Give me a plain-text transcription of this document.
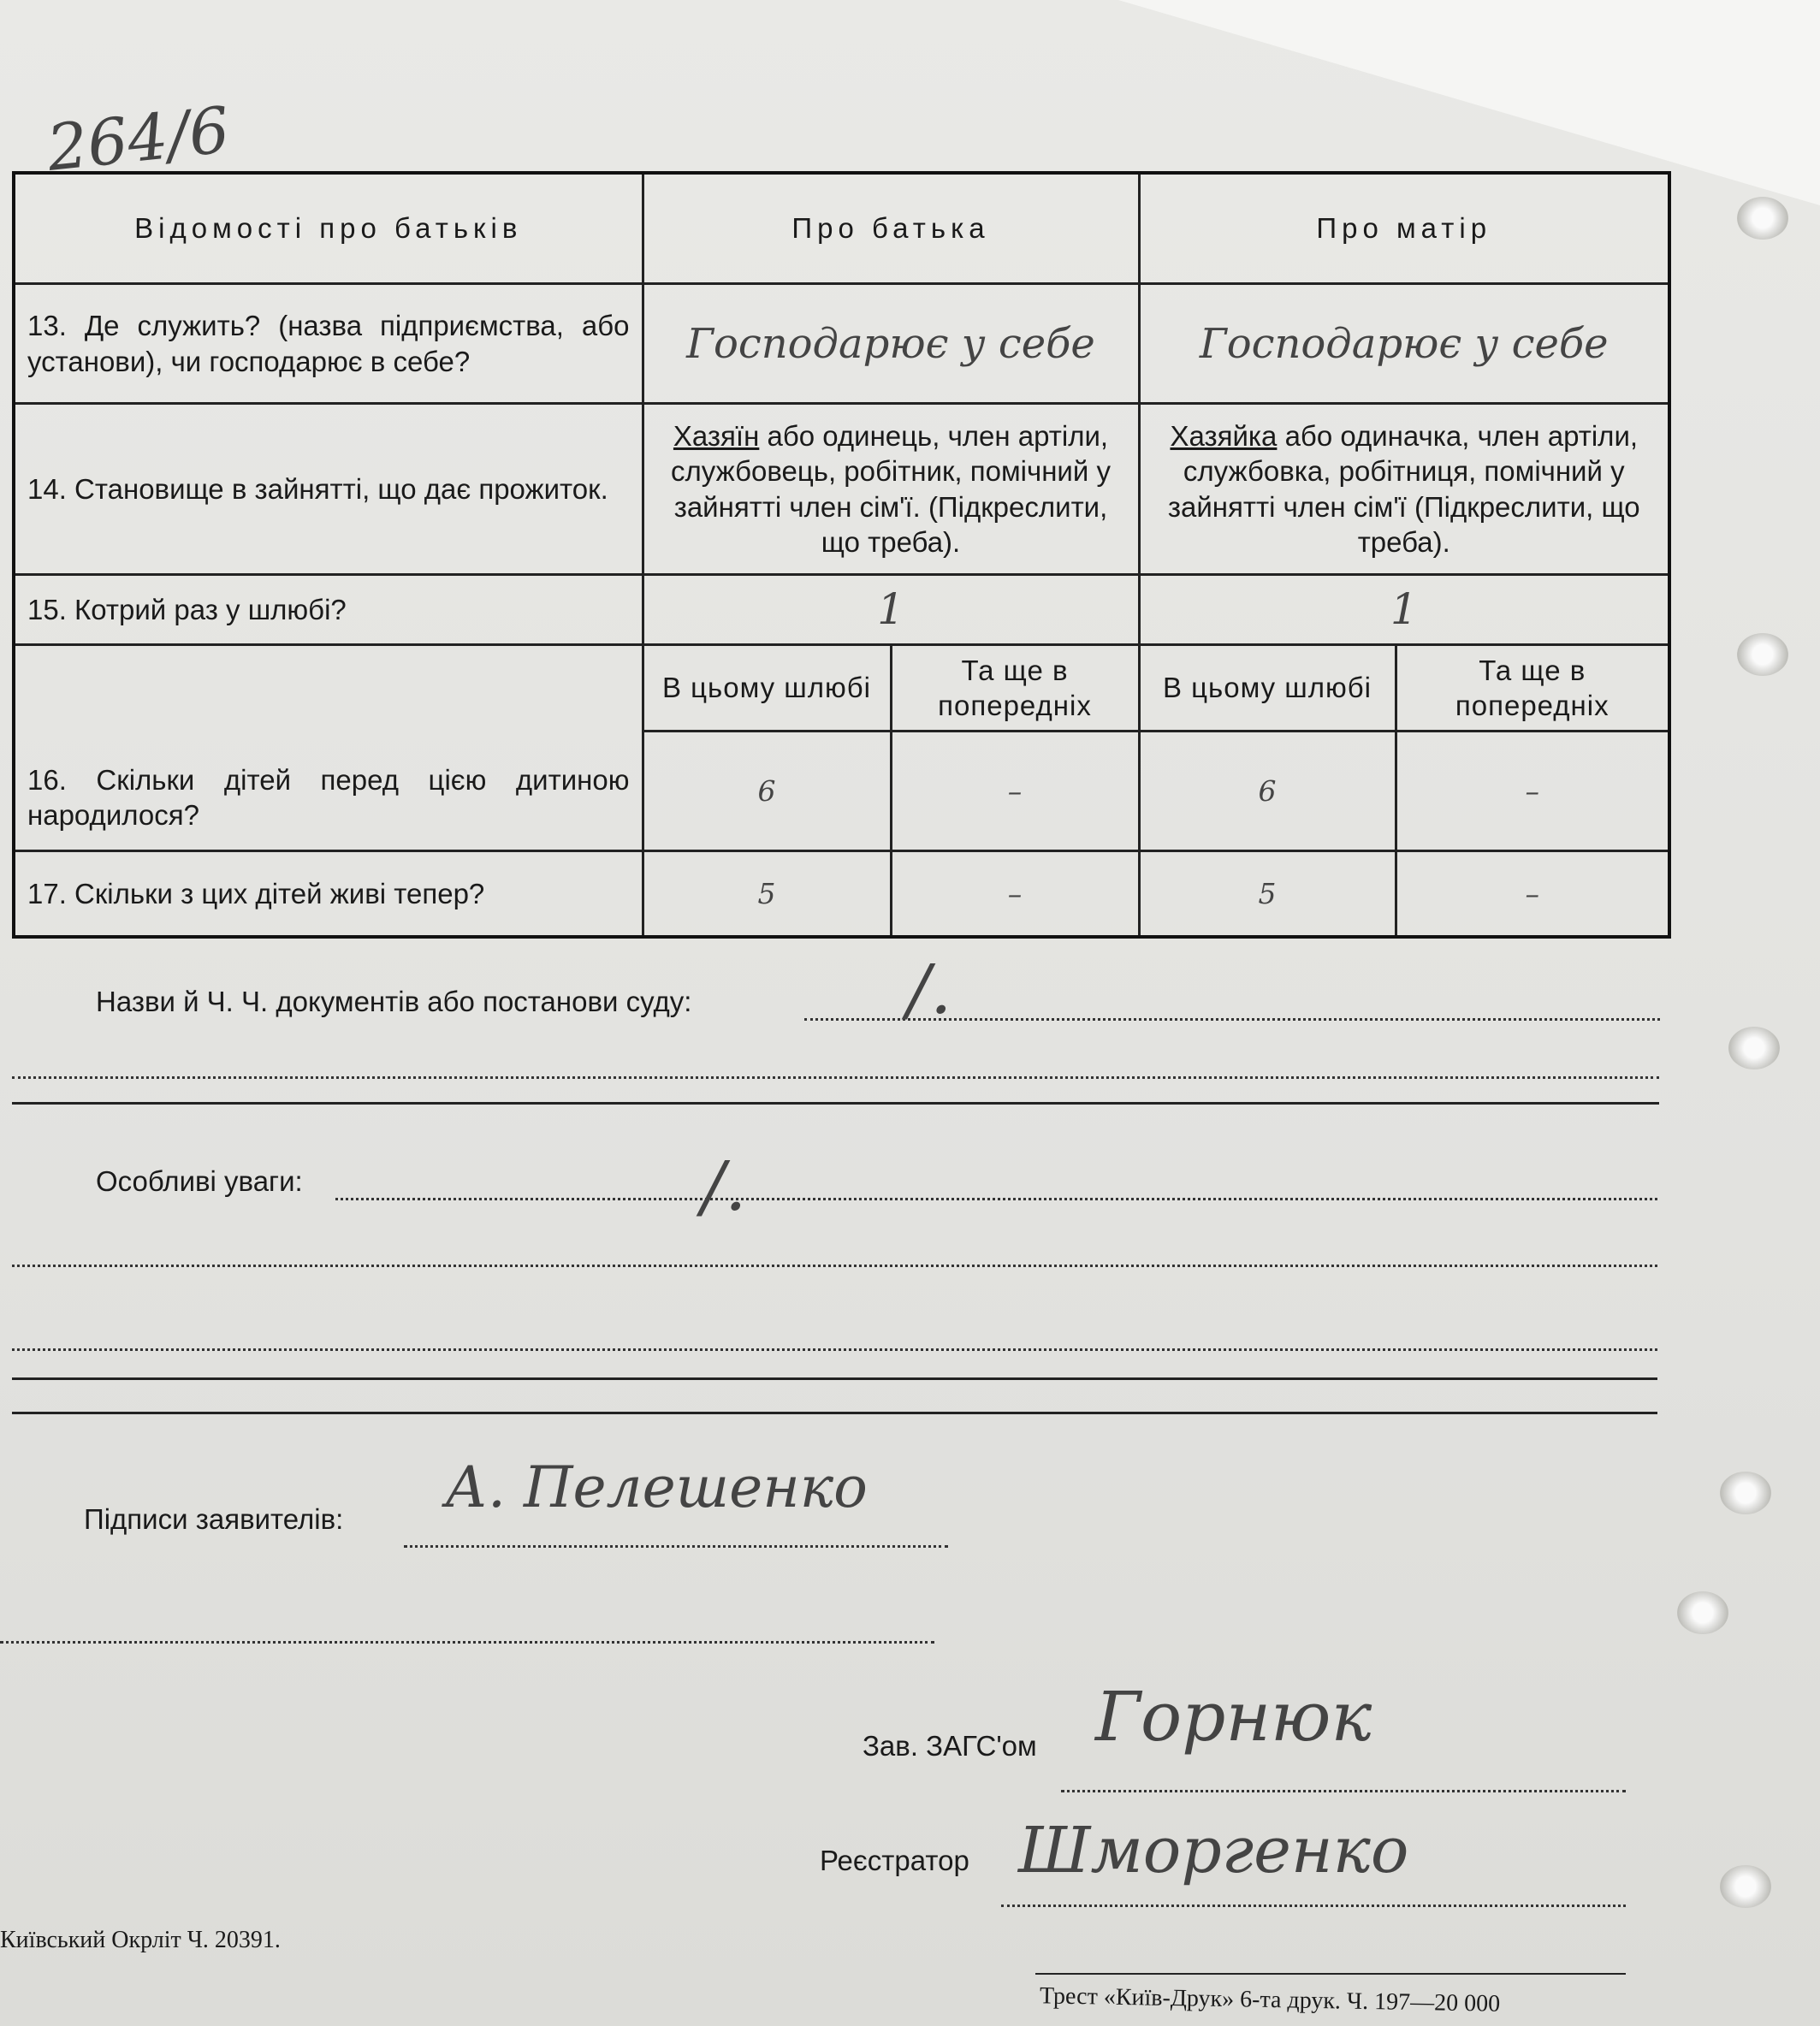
264/6
Відомості про батьків	Про батька		Про матір	
13. Де служить? (назва підприємства, або установи), чи господарює в себе?	Господарює у себе		Господарює у себе	
14. Становище в зайнятті, що дає прожиток.	Хазяїн або одинець, член артіли, службовець, робітник, помічний у зайнятті член сім'ї. (Підкреслити, що треба).		Хазяйка або одиначка, член артіли, службовка, робітниця, помічний у зайнятті член сім'ї (Підкреслити, що треба).	
15. Котрий раз у шлюбі?	1		1	
16. Скільки дітей перед цією дитиною народилося?	В цьому шлюбі	Та ще в попередніх	В цьому шлюбі	Та ще в попередніх
	6	–	6	–
17. Скільки з цих дітей живі тепер?	5	–	5	–
Назви й Ч. Ч. документів або постанови суду:	/.
Особливі уваги:	/.
Підписи заявителів: А. Пелешенко
Зав. ЗАГС'ом Горнюк
Реєстратор Шморгенко
Київський Окрліт Ч. 20391.
Трест «Київ-Друк» 6-та друк. Ч. 197—20 000
